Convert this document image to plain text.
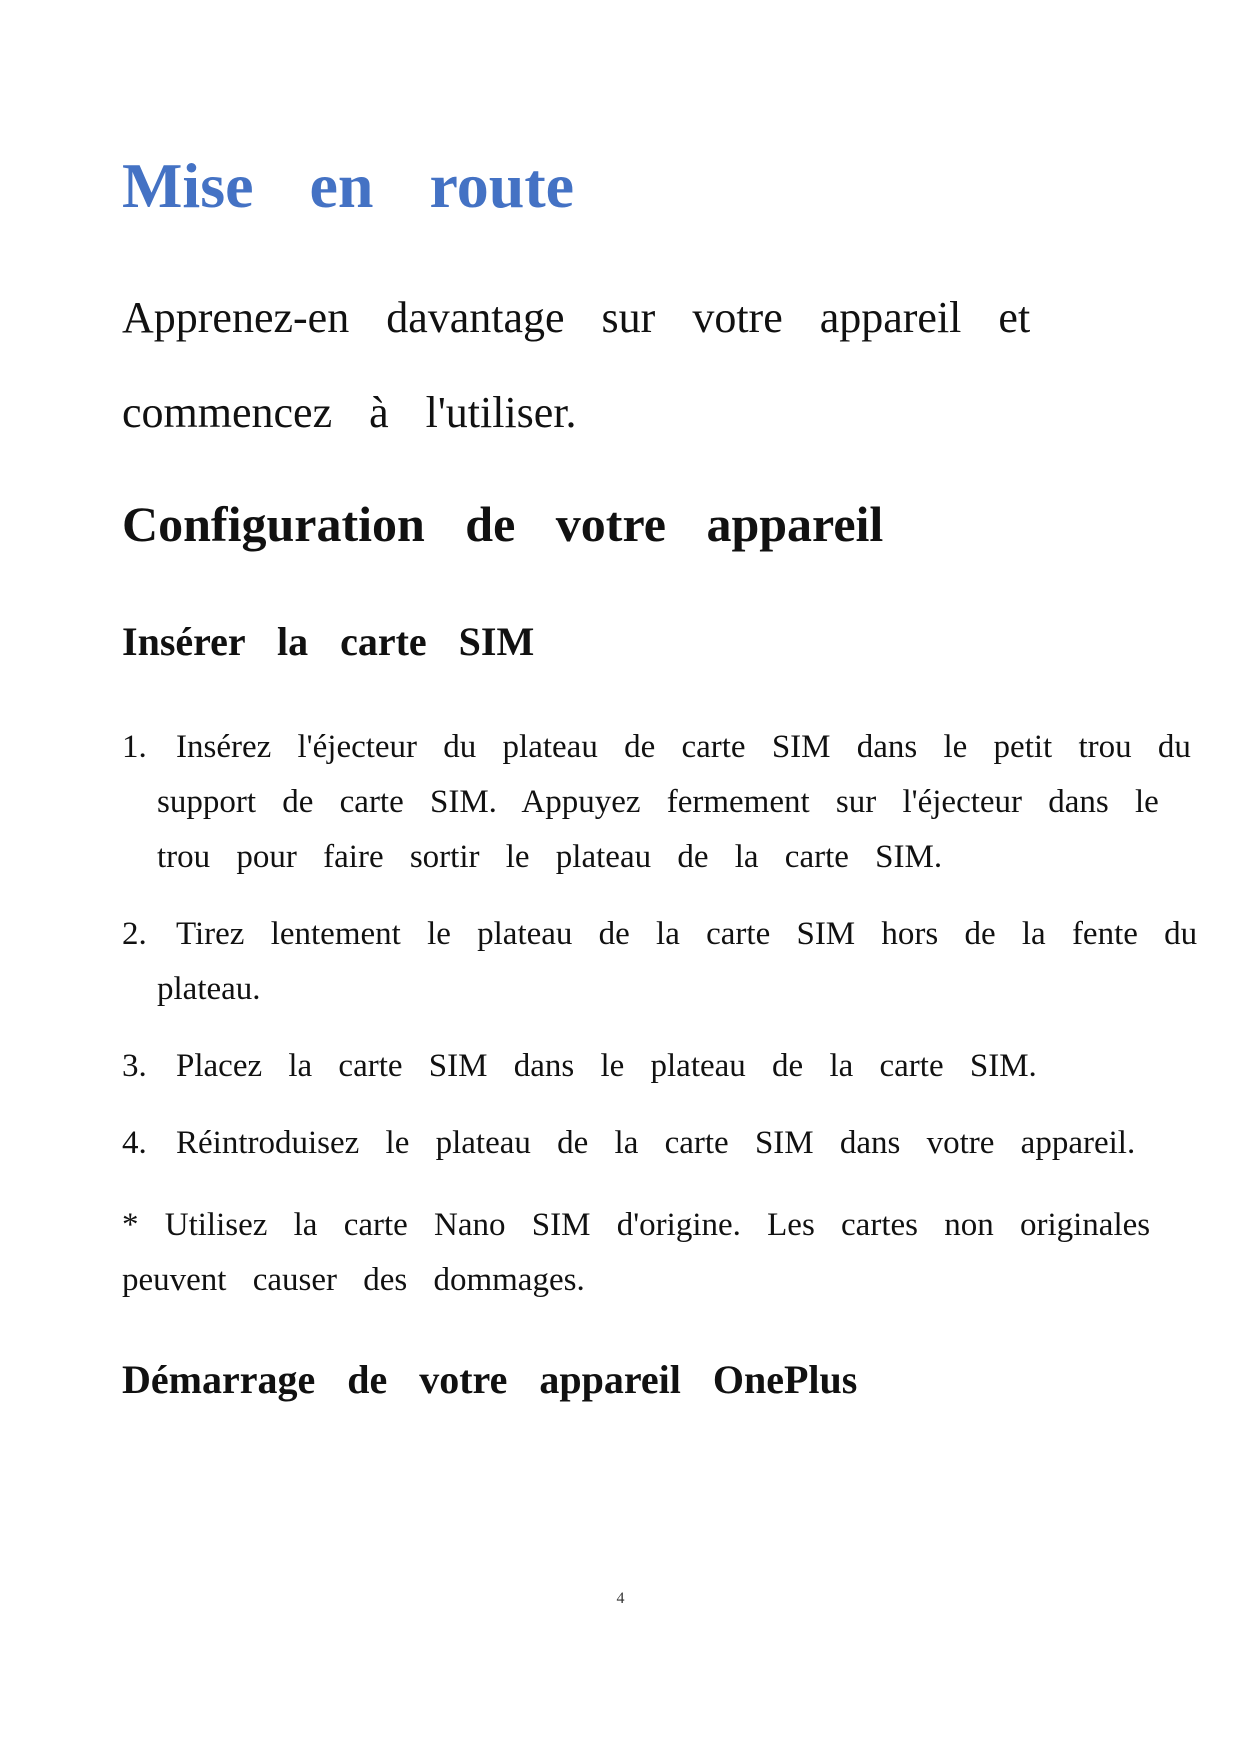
Mise en route

Apprenez-en davantage sur votre appareil et commencez à l'utiliser.

Configuration de votre appareil
Insérer la carte SIM
1. Insérez l'éjecteur du plateau de carte SIM dans le petit trou du
support de carte SIM. Appuyez fermement sur l'éjecteur dans le
trou pour faire sortir le plateau de la carte SIM.
2. Tirez lentement le plateau de la carte SIM hors de la fente du
plateau.
3. Placez la carte SIM dans le plateau de la carte SIM.
4. Réintroduisez le plateau de la carte SIM dans votre appareil.

* Utilisez la carte Nano SIM d'origine. Les cartes non originales
peuvent causer des dommages.

Démarrage de votre appareil OnePlus
4
